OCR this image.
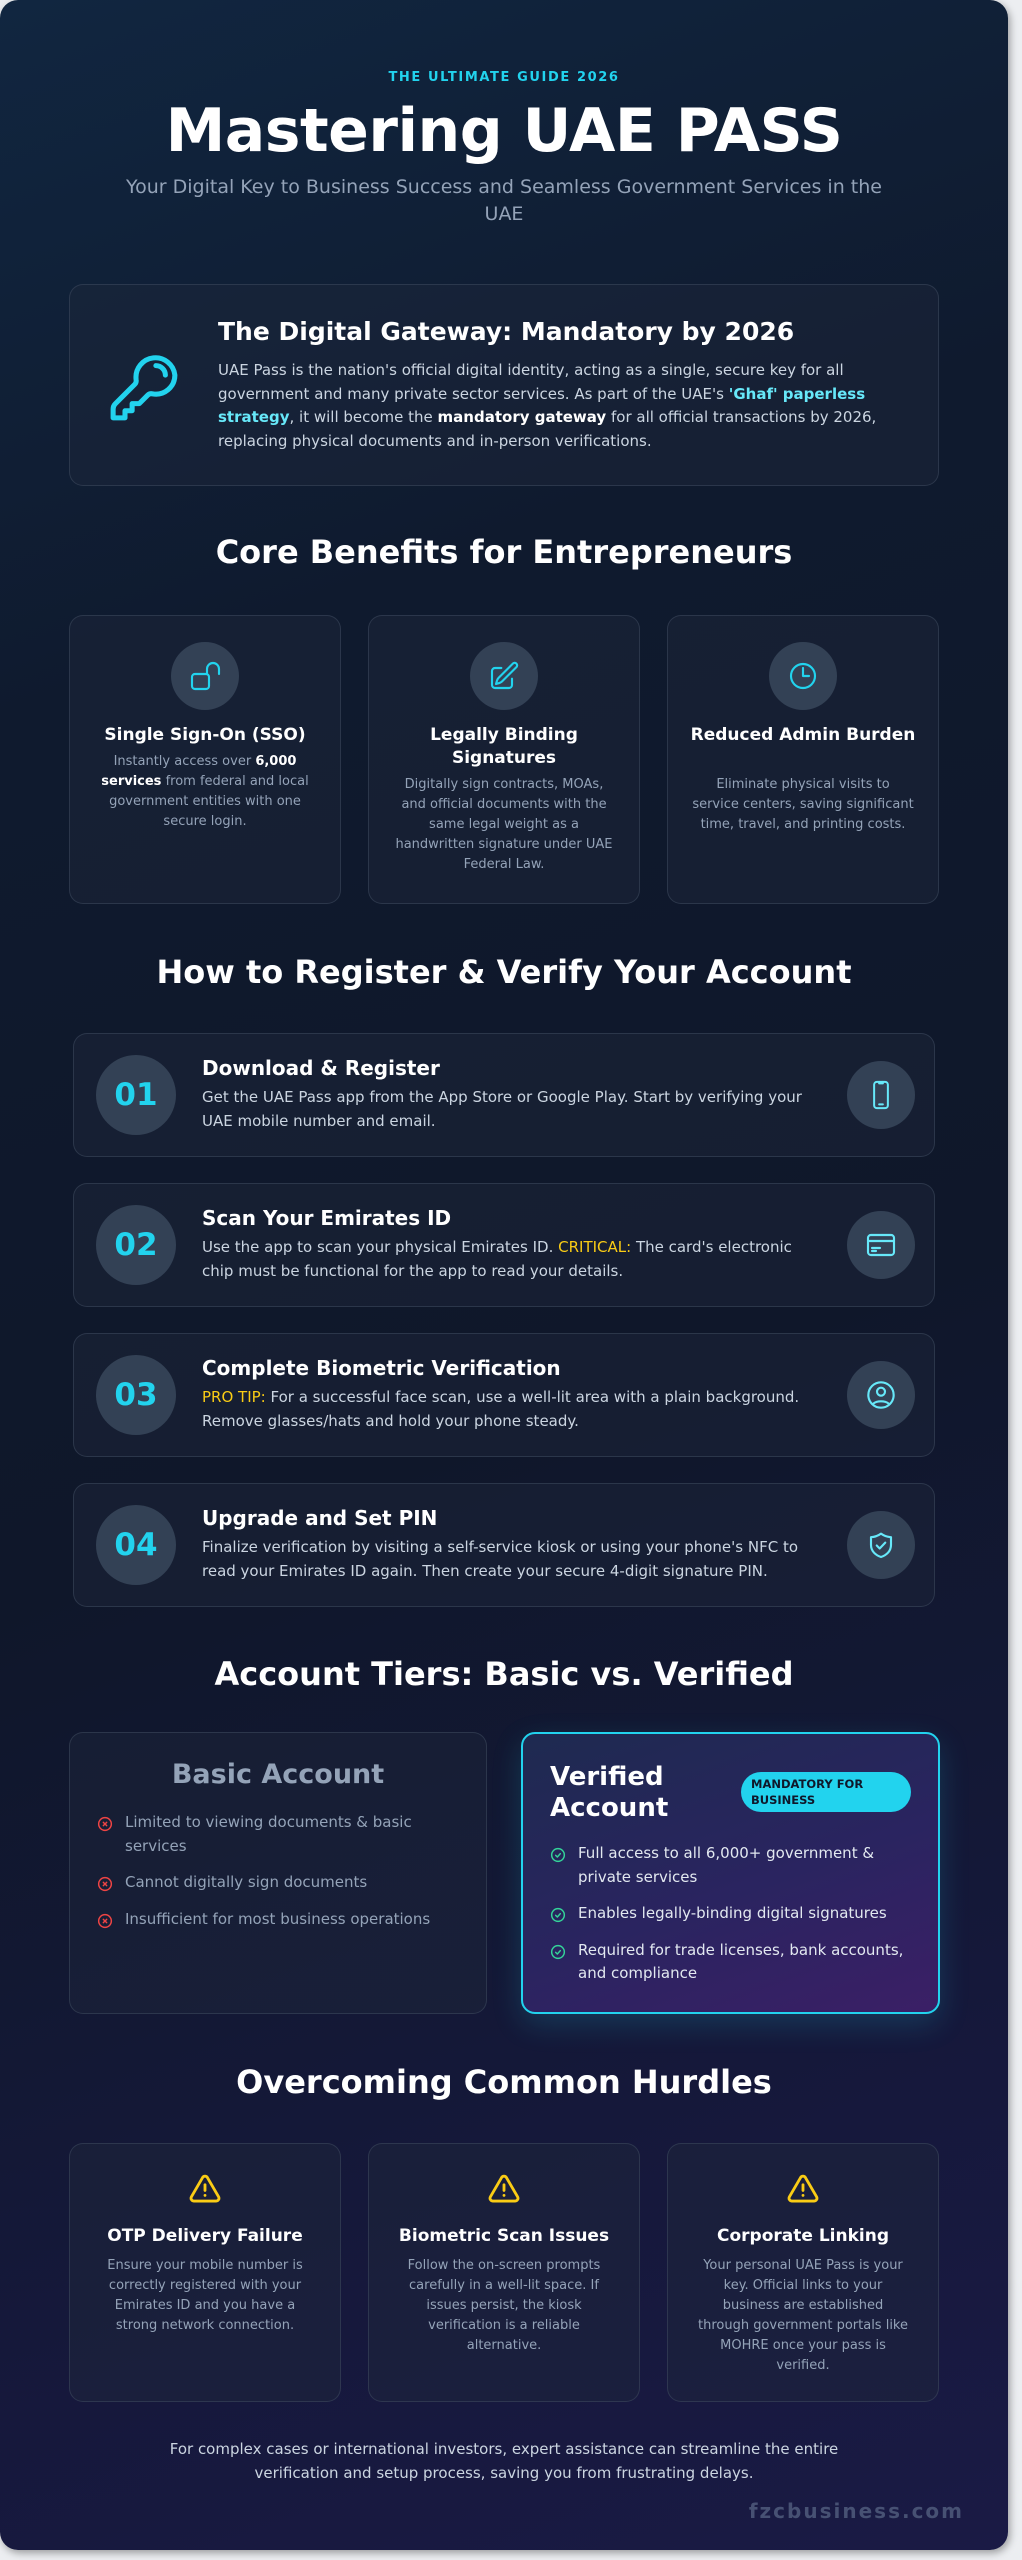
THE ULTIMATE GUIDE 2026
Mastering UAE PASS
Your Digital Key to Business Success and Seamless Government Services in the UAE
The Digital Gateway: Mandatory by 2026

UAE Pass is the nation's official digital identity, acting as a single, secure key for all government and many private sector services. As part of the UAE's 'Ghaf' paperless strategy, it will become the mandatory gateway for all official transactions by 2026, replacing physical documents and in-person verifications.

Core Benefits for Entrepreneurs
Single Sign-On (SSO)

Instantly access over 6,000 services from federal and local government entities with one secure login.

Legally Binding Signatures

Digitally sign contracts, MOAs, and official documents with the same legal weight as a handwritten signature under UAE Federal Law.

Reduced Admin Burden

Eliminate physical visits to service centers, saving significant time, travel, and printing costs.

How to Register & Verify Your Account
01
Download & Register

Get the UAE Pass app from the App Store or Google Play. Start by verifying your UAE mobile number and email.

02
Scan Your Emirates ID

Use the app to scan your physical Emirates ID. CRITICAL: The card's electronic chip must be functional for the app to read your details.

03
Complete Biometric Verification

PRO TIP: For a successful face scan, use a well-lit area with a plain background. Remove glasses/hats and hold your phone steady.

04
Upgrade and Set PIN

Finalize verification by visiting a self-service kiosk or using your phone's NFC to read your Emirates ID again. Then create your secure 4-digit signature PIN.

Account Tiers: Basic vs. Verified
Basic Account
Limited to viewing documents & basic services
Cannot digitally sign documents
Insufficient for most business operations
Verified Account
MANDATORY FOR BUSINESS
Full access to all 6,000+ government & private services
Enables legally-binding digital signatures
Required for trade licenses, bank accounts, and compliance
Overcoming Common Hurdles
OTP Delivery Failure

Ensure your mobile number is correctly registered with your Emirates ID and you have a strong network connection.

Biometric Scan Issues

Follow the on-screen prompts carefully in a well-lit space. If issues persist, the kiosk verification is a reliable alternative.

Corporate Linking

Your personal UAE Pass is your key. Official links to your business are established through government portals like MOHRE once your pass is verified.

For complex cases or international investors, expert assistance can streamline the entire verification and setup process, saving you from frustrating delays.
fzcbusiness.com
